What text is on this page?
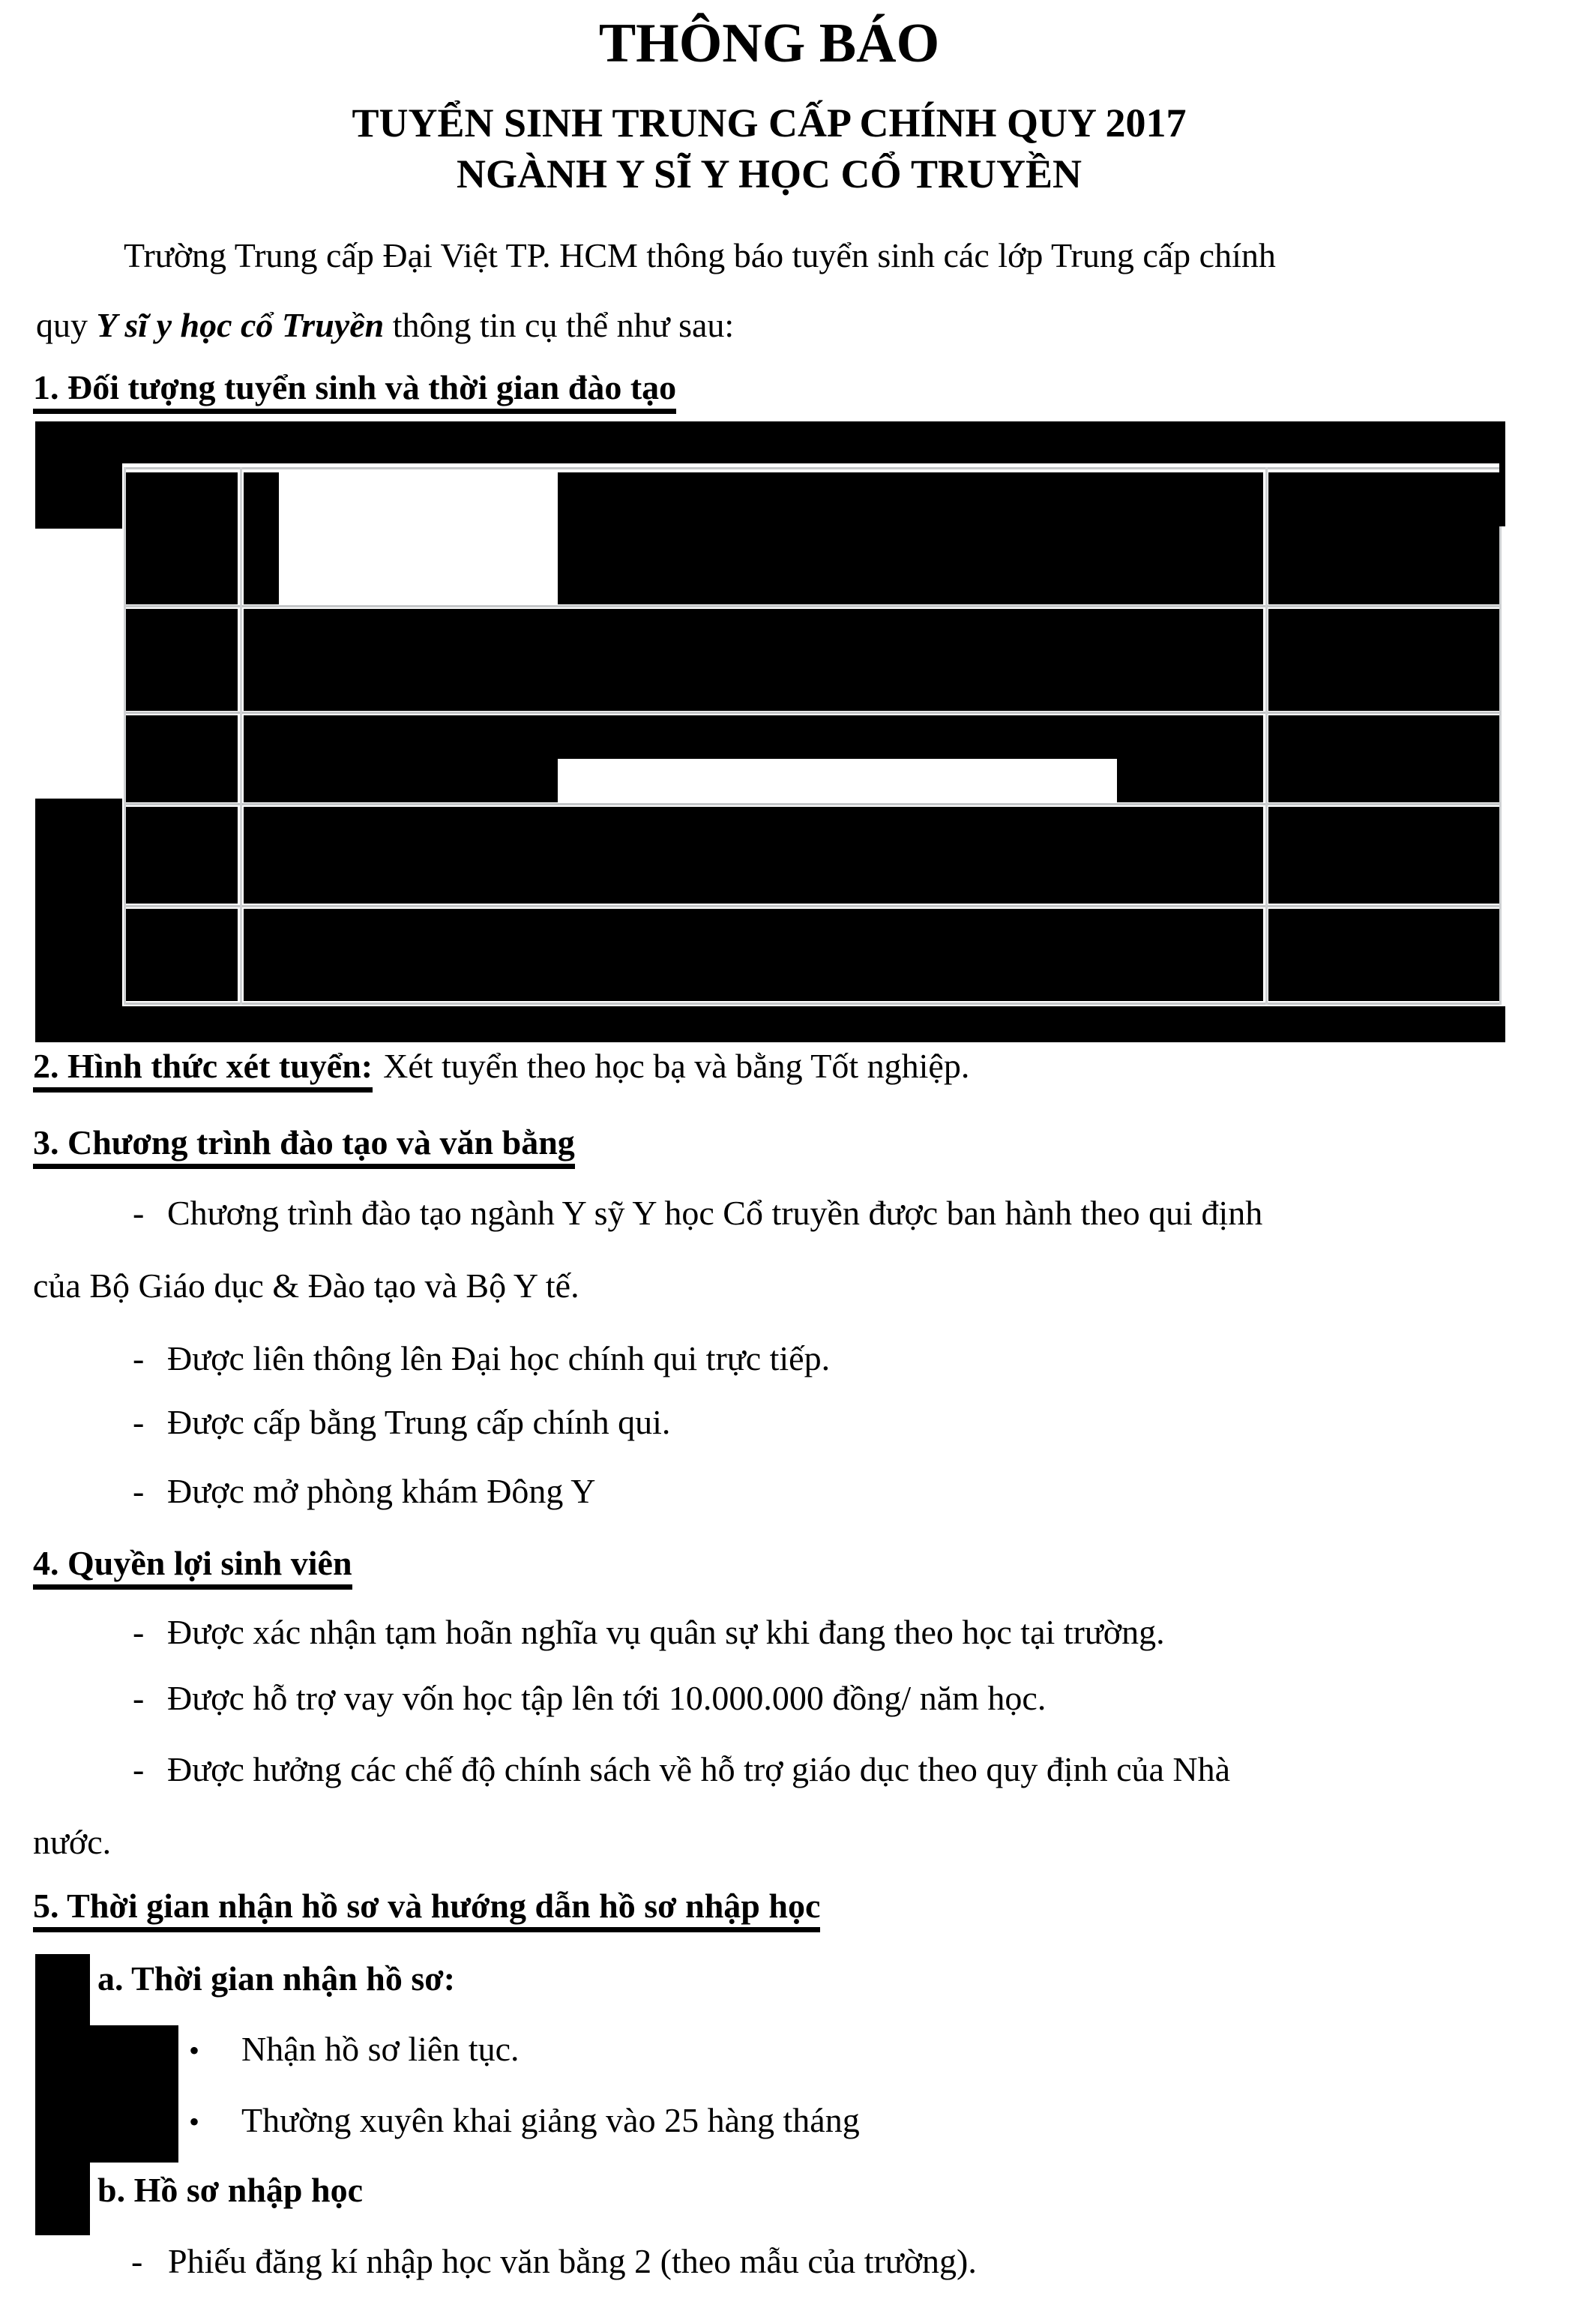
THÔNG BÁO
TUYỂN SINH TRUNG CẤP CHÍNH QUY 2017
NGÀNH Y SĨ Y HỌC CỔ TRUYỀN
Trường Trung cấp Đại Việt TP. HCM thông báo tuyển sinh các lớp Trung cấp chính
quy Y sĩ y học cổ Truyền thông tin cụ thể như sau:
1. Đối tượng tuyển sinh và thời gian đào tạo
2. Hình thức xét tuyển: Xét tuyển theo học bạ và bằng Tốt nghiệp.
3. Chương trình đào tạo và văn bằng
- Chương trình đào tạo ngành Y sỹ Y học Cổ truyền được ban hành theo qui định
của Bộ Giáo dục & Đào tạo và Bộ Y tế.
- Được liên thông lên Đại học chính qui trực tiếp.
- Được cấp bằng Trung cấp chính qui.
- Được mở phòng khám Đông Y
4. Quyền lợi sinh viên
- Được xác nhận tạm hoãn nghĩa vụ quân sự khi đang theo học tại trường.
- Được hỗ trợ vay vốn học tập lên tới 10.000.000 đồng/ năm học.
- Được hưởng các chế độ chính sách về hỗ trợ giáo dục theo quy định của Nhà
nước.
5. Thời gian nhận hồ sơ và hướng dẫn hồ sơ nhập học
a. Thời gian nhận hồ sơ:
• Nhận hồ sơ liên tục.
• Thường xuyên khai giảng vào 25 hàng tháng
b. Hồ sơ nhập học
- Phiếu đăng kí nhập học văn bằng 2 (theo mẫu của trường).
